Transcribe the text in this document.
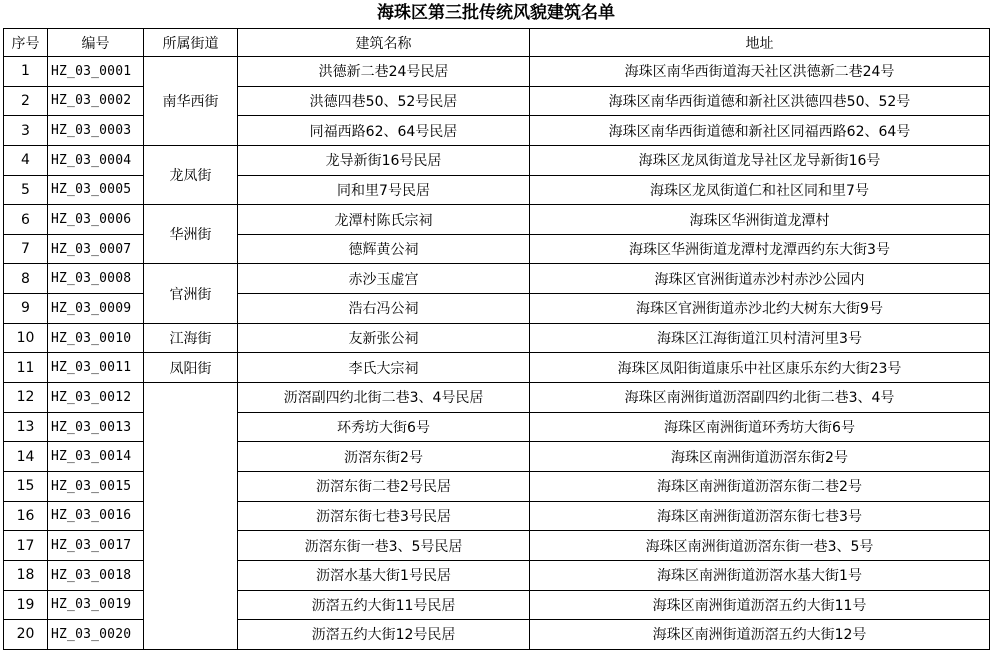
海珠区第三批传统风貌建筑名单
序号	编号	所属街道	建筑名称	地址
1	HZ_03_0001	南华西街	洪德新二巷24号民居	海珠区南华西街道海天社区洪德新二巷24号
2	HZ_03_0002		洪德四巷50、52号民居	海珠区南华西街道德和新社区洪德四巷50、52号
3	HZ_03_0003		同福西路62、64号民居	海珠区南华西街道德和新社区同福西路62、64号
4	HZ_03_0004	龙凤街	龙导新街16号民居	海珠区龙凤街道龙导社区龙导新街16号
5	HZ_03_0005		同和里7号民居	海珠区龙凤街道仁和社区同和里7号
6	HZ_03_0006	华洲街	龙潭村陈氏宗祠	海珠区华洲街道龙潭村
7	HZ_03_0007		德辉黄公祠	海珠区华洲街道龙潭村龙潭西约东大街3号
8	HZ_03_0008	官洲街	赤沙玉虚宫	海珠区官洲街道赤沙村赤沙公园内
9	HZ_03_0009		浩右冯公祠	海珠区官洲街道赤沙北约大树东大街9号
10	HZ_03_0010	江海街	友新张公祠	海珠区江海街道江贝村清河里3号
11	HZ_03_0011	凤阳街	李氏大宗祠	海珠区凤阳街道康乐中社区康乐东约大街23号
12	HZ_03_0012		沥滘副四约北街二巷3、4号民居	海珠区南洲街道沥滘副四约北街二巷3、4号
13	HZ_03_0013		环秀坊大街6号	海珠区南洲街道环秀坊大街6号
14	HZ_03_0014		沥滘东街2号	海珠区南洲街道沥滘东街2号
15	HZ_03_0015		沥滘东街二巷2号民居	海珠区南洲街道沥滘东街二巷2号
16	HZ_03_0016		沥滘东街七巷3号民居	海珠区南洲街道沥滘东街七巷3号
17	HZ_03_0017		沥滘东街一巷3、5号民居	海珠区南洲街道沥滘东街一巷3、5号
18	HZ_03_0018		沥滘水基大街1号民居	海珠区南洲街道沥滘水基大街1号
19	HZ_03_0019		沥滘五约大街11号民居	海珠区南洲街道沥滘五约大街11号
20	HZ_03_0020		沥滘五约大街12号民居	海珠区南洲街道沥滘五约大街12号
